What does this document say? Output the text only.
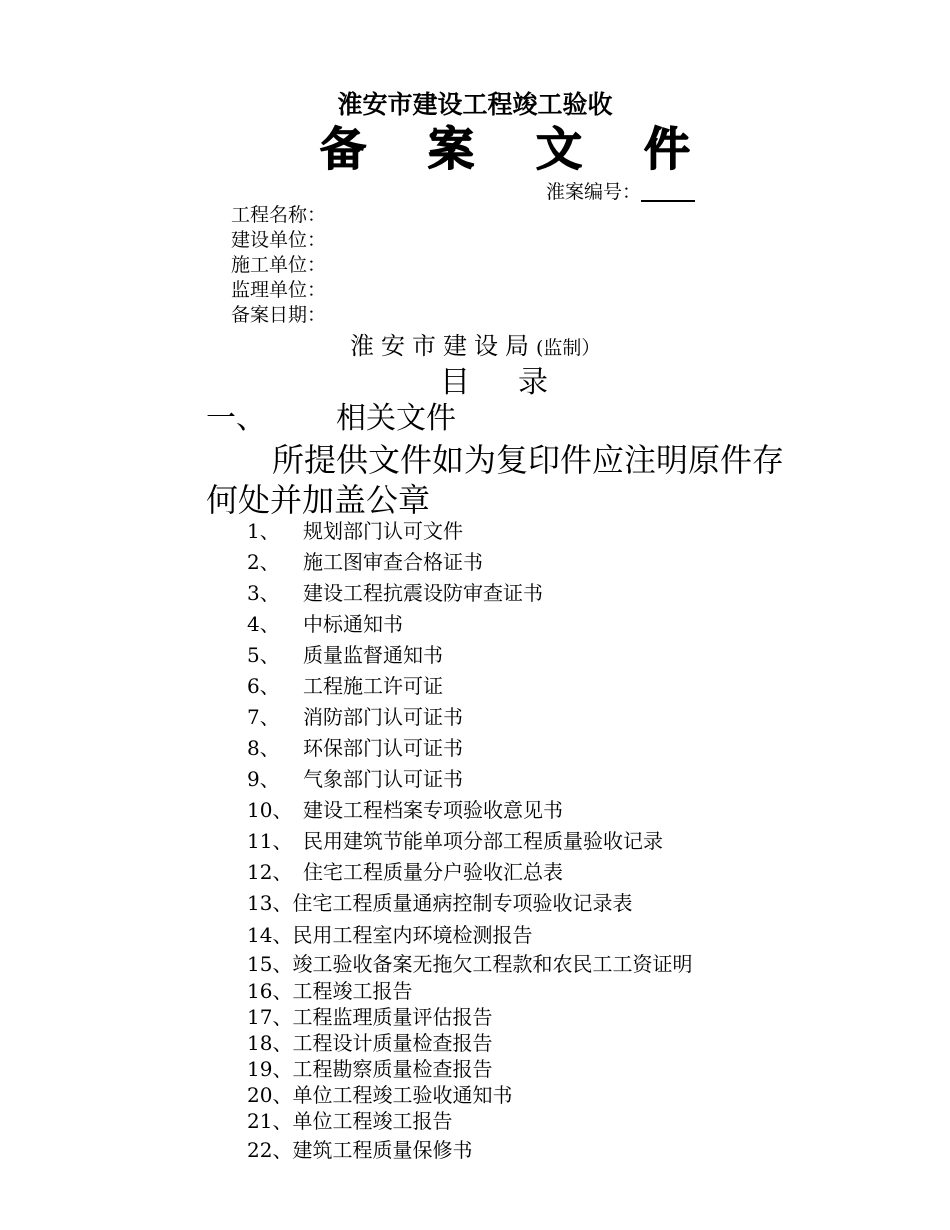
淮安市建设工程竣工验收
备案文件
淮案编号：
工程名称：
建设单位：
施工单位：
监理单位：
备案日期：
淮安市建设局(监制）
目录
一、 相关文件
所提供文件如为复印件应注明原件存
何处并加盖公章
1、 规划部门认可文件
2、 施工图审查合格证书
3、 建设工程抗震设防审查证书
4、 中标通知书
5、 质量监督通知书
6、 工程施工许可证
7、 消防部门认可证书
8、 环保部门认可证书
9、 气象部门认可证书
10、 建设工程档案专项验收意见书
11、 民用建筑节能单项分部工程质量验收记录
12、 住宅工程质量分户验收汇总表
13、住宅工程质量通病控制专项验收记录表
14、民用工程室内环境检测报告
15、竣工验收备案无拖欠工程款和农民工工资证明
16、工程竣工报告
17、工程监理质量评估报告
18、工程设计质量检查报告
19、工程勘察质量检查报告
20、单位工程竣工验收通知书
21、单位工程竣工报告
22、建筑工程质量保修书
